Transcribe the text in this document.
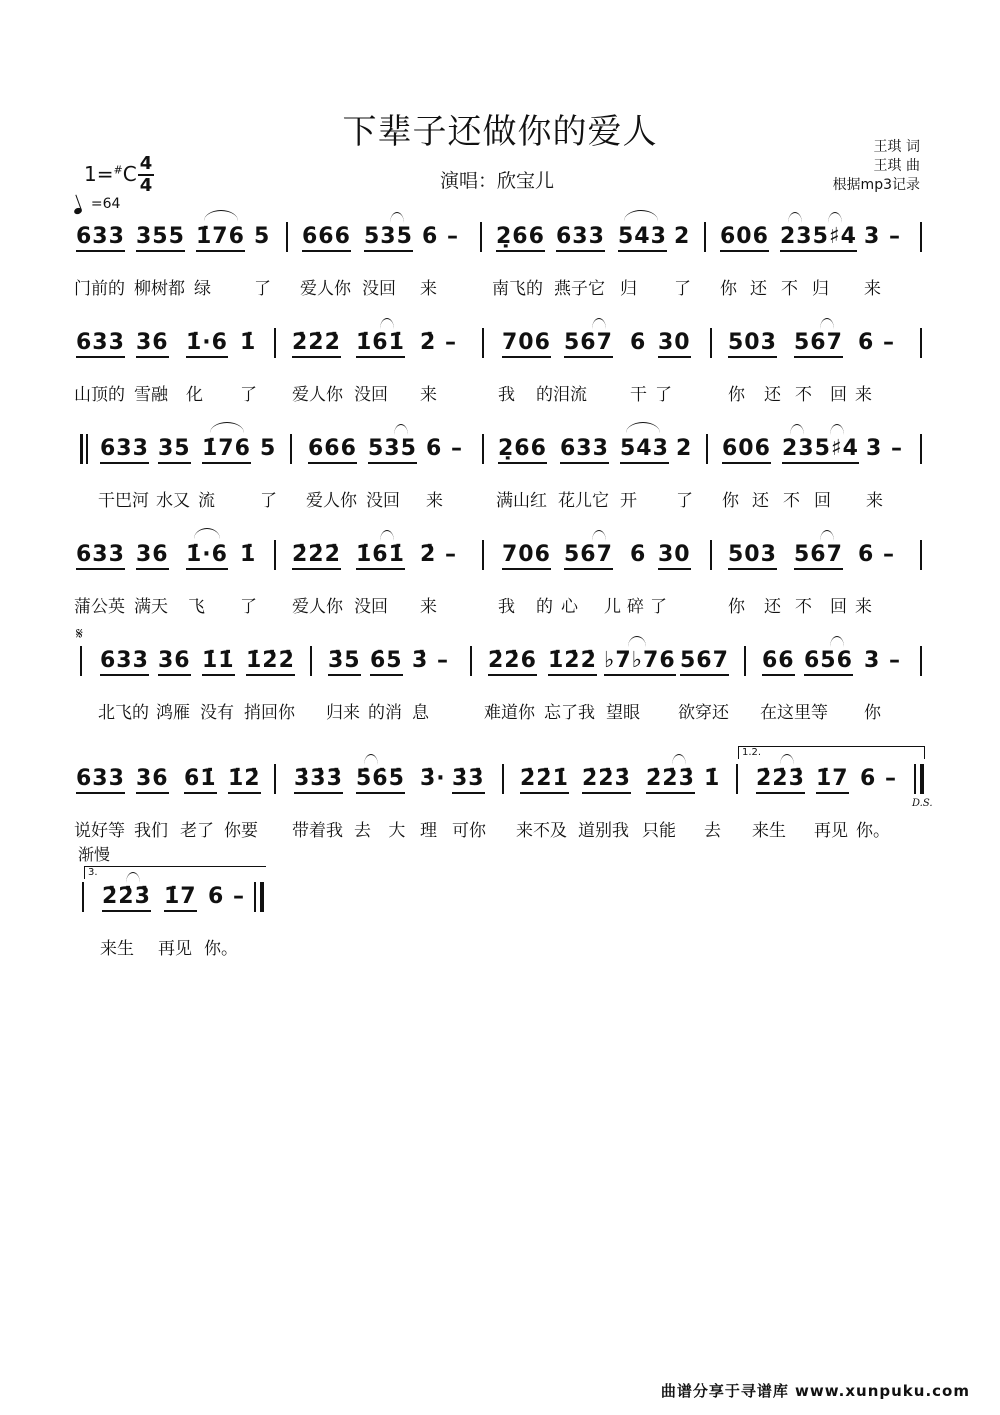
下辈子还做你的爱人	王琪 词
王琪 曲
根据mp3记录
演唱：欣宝儿
1=#C 4
4
=64
633 355 1̇76 5 666 535 6 – 2̣66 633 543 2 606 235♯4 3 –
门前的 柳树都 绿	了 爱人你 没回 来	南飞的 燕子它 归 了 你 还不归 来
633 36 1̇·6 1̇ 2̇2̇2̇ 1̇61̇ 2̇ – 706 567 6 30 503 567 6 –
山顶的 雪融 化 了 爱人你 没回 来	我 的泪流	干了	你 还不 回来
633 35 1̇76 5 666 535 6 – 2̣66 633 543 2 606 235♯4 3 –
干巴河 水又 流	了 爱人你 没回 来	满山红 花儿它 开 了 你 还不回 来
633 36 1̇·6 1̇ 2̇2̇2̇ 1̇61̇ 2̇ – 706 567 6 30 503 567 6 –
蒲公英 满天 飞 了 爱人你 没回 来	我 的心 儿碎了	你 还不 回来
𝄋
633 36 1̇1̇ 1̇2̇2̇ 3̇5 6̇5 3̇ – 2̇2̇6 1̇2̇2̇ ♭7♭76 567 66 656 3 –
北飞的 鸿雁 没有 捎回你 归来 的消 息	难道你 忘了我 望眼 欲穿还 在这 里等 你
633 36 61̇ 1̇2̇ 3̇3̇3̇ 5̇6̇5̇ 3̇· 3̇3̇ 2̇2̇1̇ 2̇2̇3̇ 2̇2̇3̇ 1̇ 2̇2̇3̇ 1̇7 6 –
1.2.
说好等 我们 老了 你要 带着我 去 大 理 可你 来不及 道别我 只能 去 来生 再见 你。
D.S.
渐慢
2̇2̇3̇ 1̇7 6 –
3.
来生 再见 你。
曲谱分享于寻谱库 www.xunpuku.com
